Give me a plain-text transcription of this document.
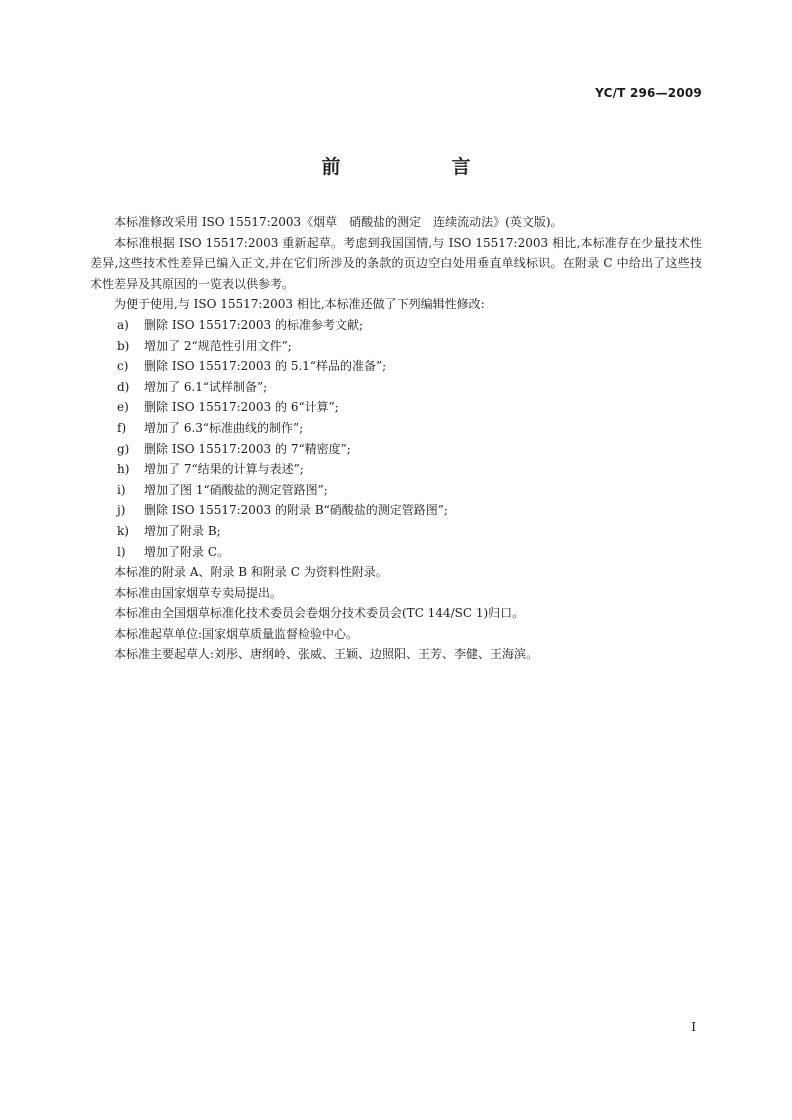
YC/T 296—2009
前　言

本标准修改采用 ISO 15517:2003《烟草　硝酸盐的测定　连续流动法》(英文版)。

本标准根据 ISO 15517:2003 重新起草。考虑到我国国情,与 ISO 15517:2003 相比,本标准存在少量技术性差异,这些技术性差异已编入正文,并在它们所涉及的条款的页边空白处用垂直单线标识。在附录 C 中给出了这些技术性差异及其原因的一览表以供参考。

为便于使用,与 ISO 15517:2003 相比,本标准还做了下列编辑性修改:

a) 删除 ISO 15517:2003 的标准参考文献;
b) 增加了 2“规范性引用文件”;
c) 删除 ISO 15517:2003 的 5.1“样品的准备”;
d) 增加了 6.1“试样制备”;
e) 删除 ISO 15517:2003 的 6“计算”;
f) 增加了 6.3“标准曲线的制作”;
g) 删除 ISO 15517:2003 的 7“精密度”;
h) 增加了 7“结果的计算与表述”;
i) 增加了图 1“硝酸盐的测定管路图”;
j) 删除 ISO 15517:2003 的附录 B“硝酸盐的测定管路图”;
k) 增加了附录 B;
l) 增加了附录 C。

本标准的附录 A、附录 B 和附录 C 为资料性附录。

本标准由国家烟草专卖局提出。

本标准由全国烟草标准化技术委员会卷烟分技术委员会(TC 144/SC 1)归口。

本标准起草单位:国家烟草质量监督检验中心。

本标准主要起草人:刘彤、唐纲岭、张威、王颖、边照阳、王芳、李健、王海滨。

I
